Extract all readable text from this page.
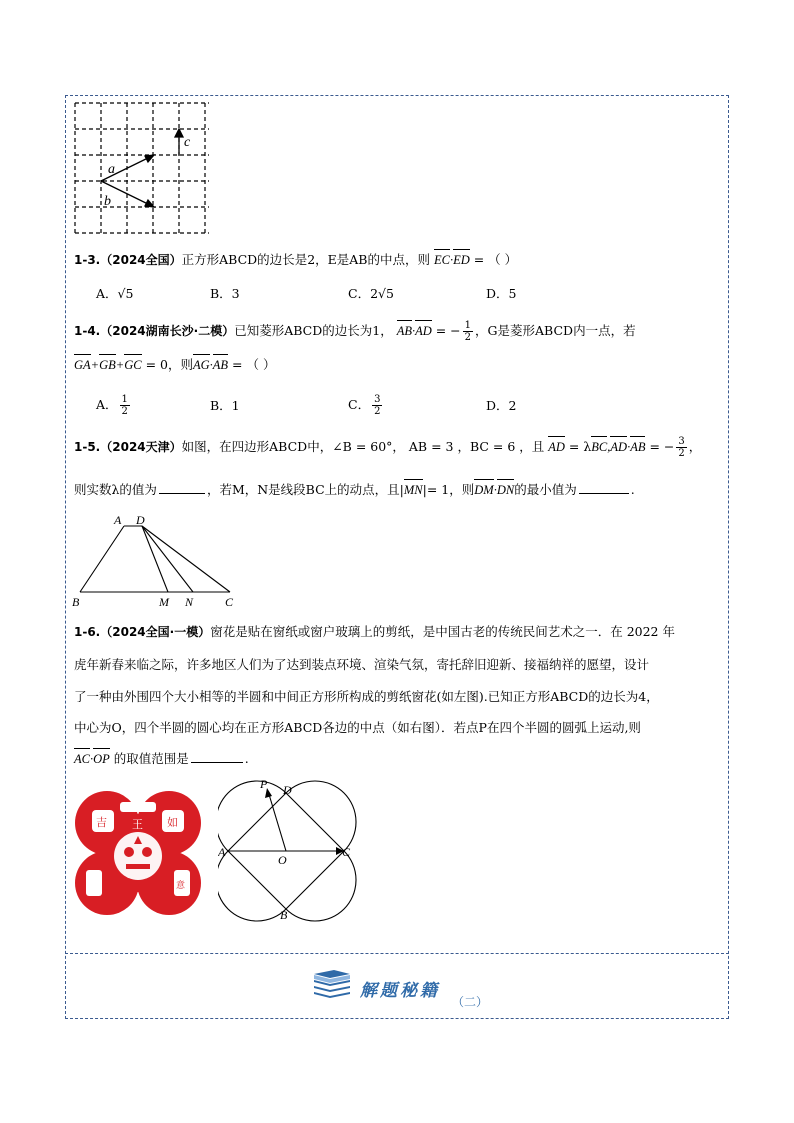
a
b
c
1-3.（2024全国）正方形ABCD的边长是2，E是AB的中点，则 EC·ED = （ ）
A．√5	B．3	C．2√5	D．5
1-4.（2024湖南长沙·二模）已知菱形ABCD的边长为1， AB·AD = − $\frac{1}{2}$ ，G是菱形ABCD内一点，若
GA+GB+GC = 0，则AG·AB = （ ）
A． $\frac{1}{2}$	B．1	C． $\frac{3}{2}$	D．2
1-5.（2024天津）如图，在四边形ABCD中，∠B = 60°， AB = 3 ，BC = 6 ，且 AD = λBC,AD·AB = − $\frac{3}{2}$ ，
则实数λ的值为	，若M，N是线段BC上的动点，且|MN|= 1，则DM·DN的最小值为	.
A D
B	M N	C
1-6.（2024全国·一模）窗花是贴在窗纸或窗户玻璃上的剪纸，是中国古老的传统民间艺术之一．在 2022 年
虎年新春来临之际，许多地区人们为了达到装点环境、渲染气氛，寄托辞旧迎新、接福纳祥的愿望，设计
了一种由外围四个大小相等的半圆和中间正方形所构成的剪纸窗花(如左图).已知正方形ABCD的边长为4，
中心为O，四个半圆的圆心均在正方形ABCD各边的中点（如右图）．若点P在四个半圆的圆弧上运动,则
AC·OP 的取值范围是	.
吉 王 如
意
P D
A
O
C
B
解题秘籍
（二）
